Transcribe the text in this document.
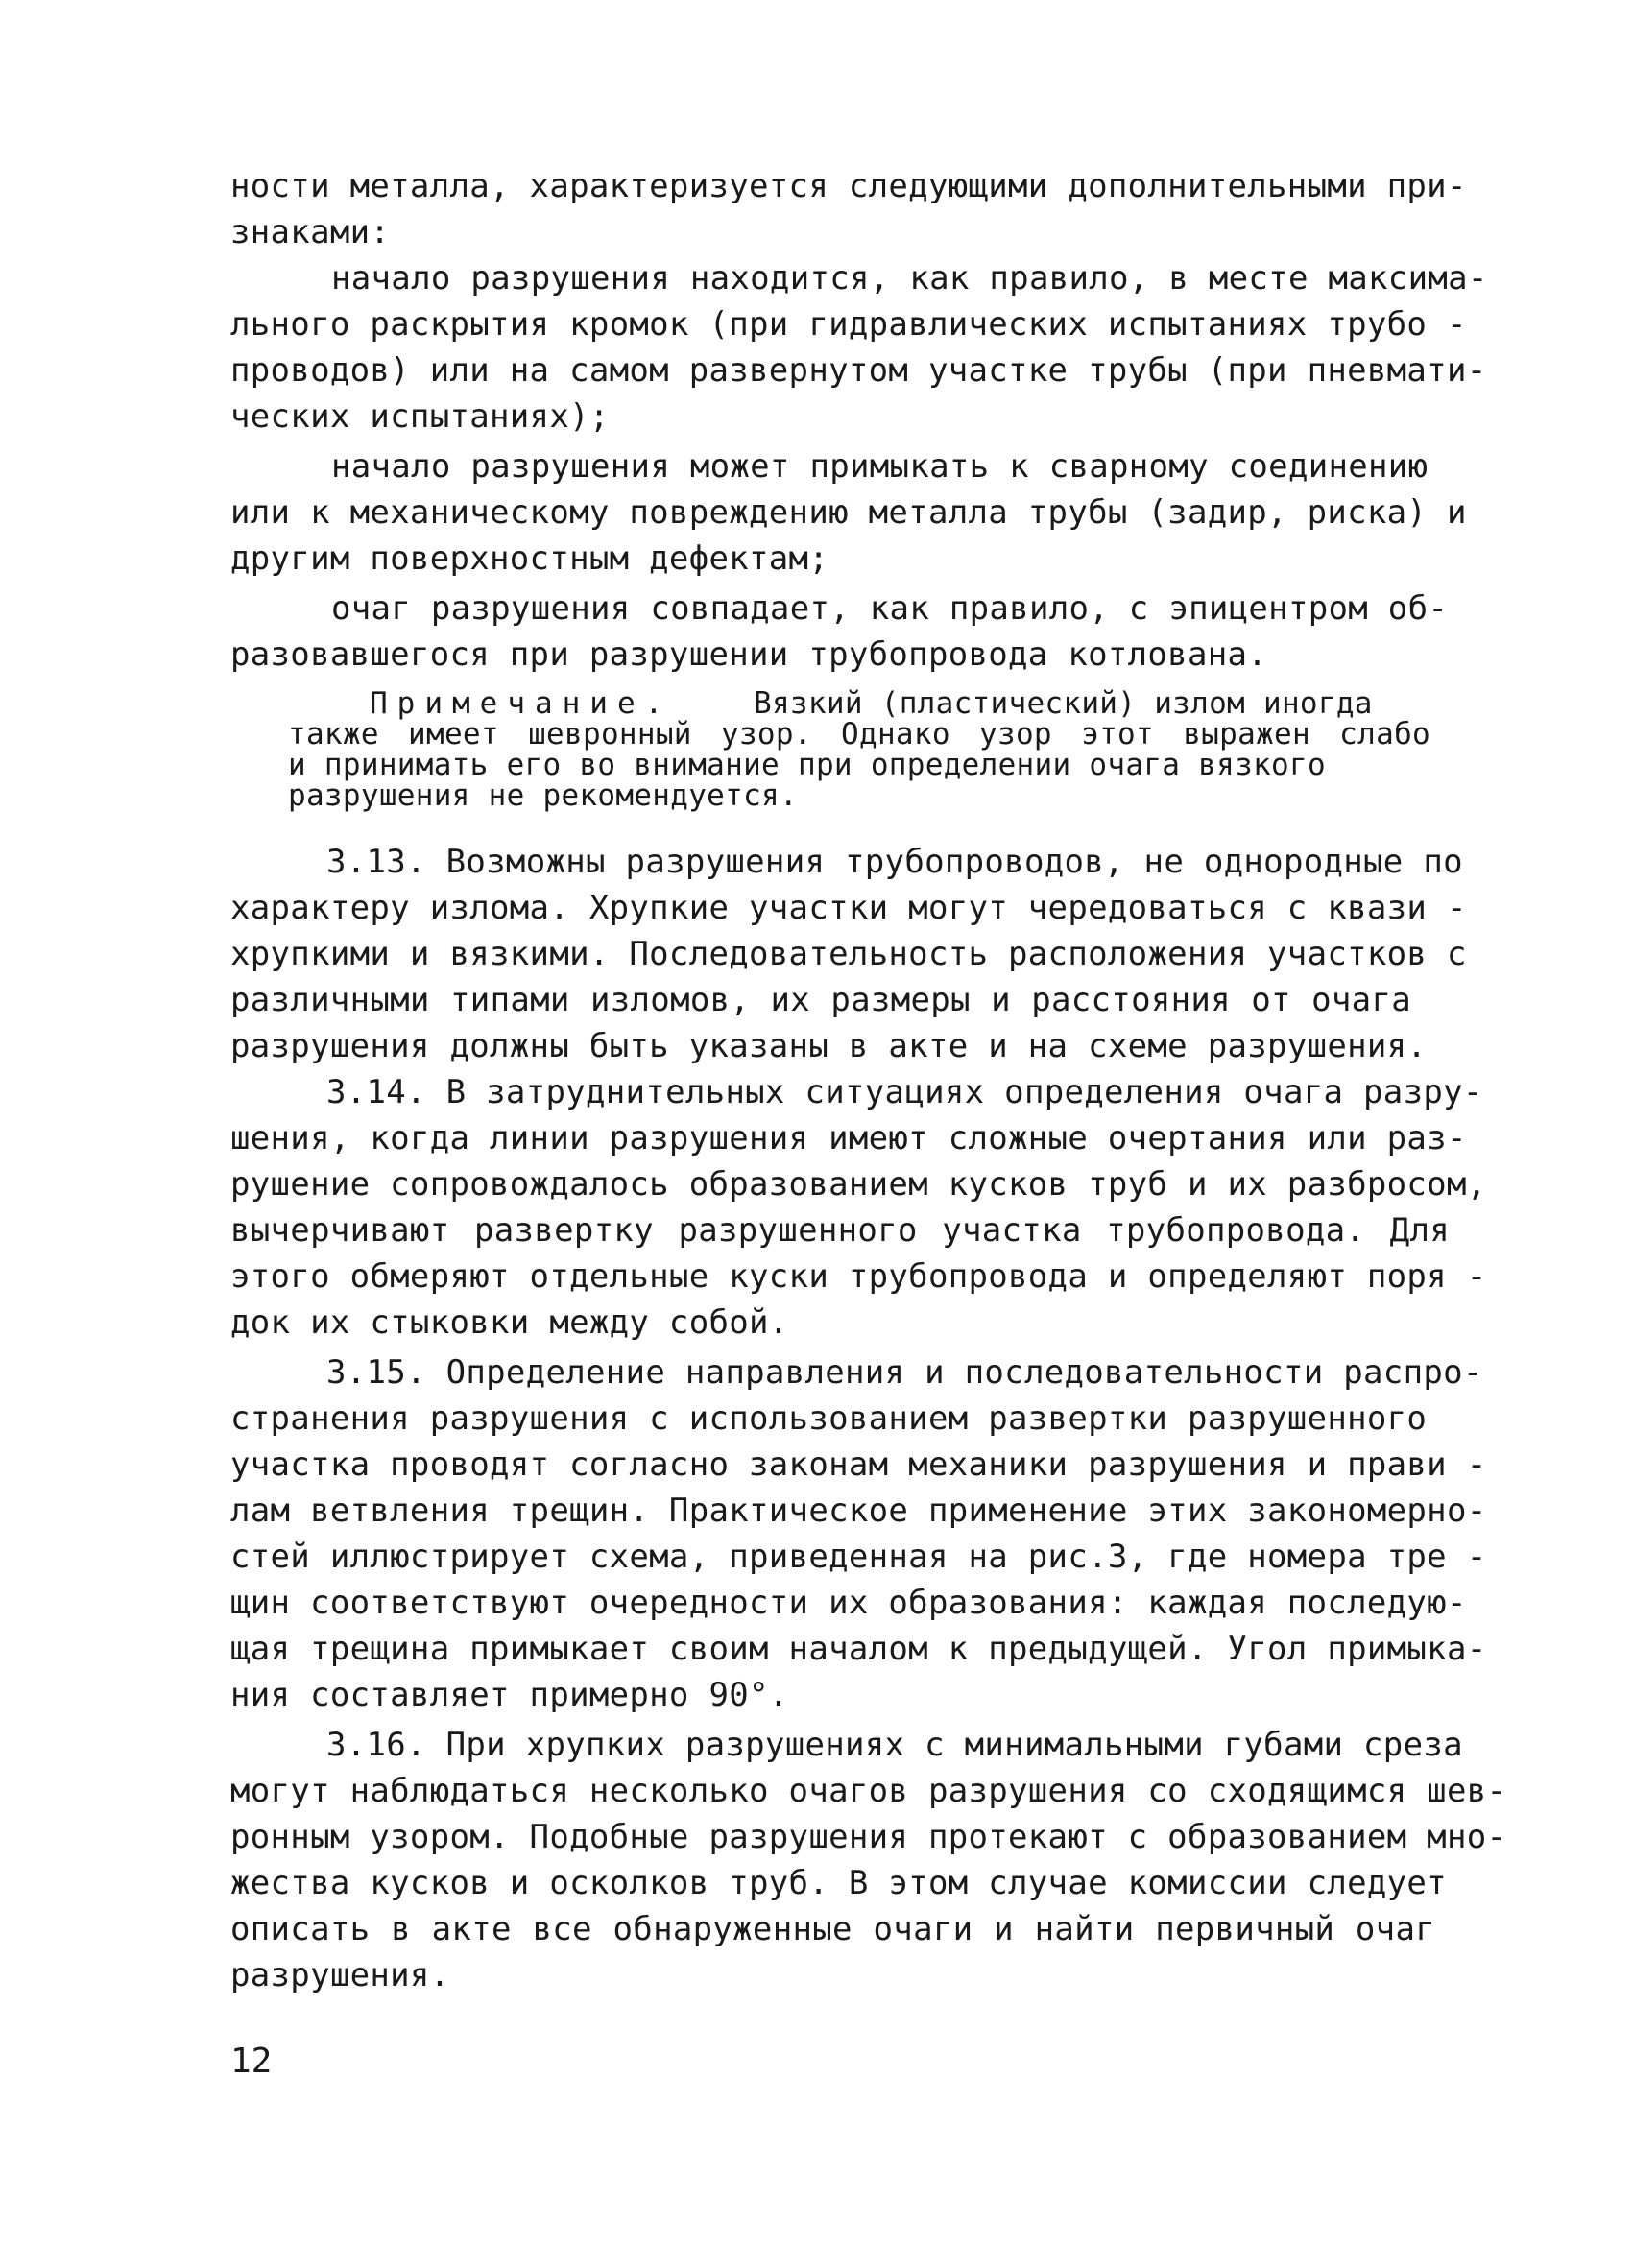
ности металла, характеризуется следующими дополнительными при-
знаками:
начало разрушения находится, как правило, в месте максима-
льного раскрытия кромок (при гидравлических испытаниях трубо -
проводов) или на самом развернутом участке трубы (при пневмати-
ческих испытаниях);
начало разрушения может примыкать к сварному соединению
или к механическому повреждению металла трубы (задир, риска) и
другим поверхностным дефектам;
очаг разрушения совпадает, как правило, с эпицентром об-
разовавшегося при разрушении трубопровода котлована.
Примечание.	Вязкий (пластический) излом иногда
также имеет шевронный узор. Однако узор этот выражен слабо
и принимать его во внимание при определении очага вязкого
разрушения не рекомендуется.
3.13. Возможны разрушения трубопроводов, не однородные по
характеру излома. Хрупкие участки могут чередоваться с квази -
хрупкими и вязкими. Последовательность расположения участков с
различными типами изломов, их размеры и расстояния от очага
разрушения должны быть указаны в акте и на схеме разрушения.
3.14. В затруднительных ситуациях определения очага разру-
шения, когда линии разрушения имеют сложные очертания или раз-
рушение сопровождалось образованием кусков труб и их разбросом,
вычерчивают развертку разрушенного участка трубопровода. Для
этого обмеряют отдельные куски трубопровода и определяют поря -
док их стыковки между собой.
3.15. Определение направления и последовательности распро-
странения разрушения с использованием развертки разрушенного
участка проводят согласно законам механики разрушения и прави -
лам ветвления трещин. Практическое применение этих закономерно-
стей иллюстрирует схема, приведенная на рис.3, где номера тре -
щин соответствуют очередности их образования: каждая последую-
щая трещина примыкает своим началом к предыдущей. Угол примыка-
ния составляет примерно 90°.
3.16. При хрупких разрушениях с минимальными губами среза
могут наблюдаться несколько очагов разрушения со сходящимся шев-
ронным узором. Подобные разрушения протекают с образованием мно-
жества кусков и осколков труб. В этом случае комиссии следует
описать в акте все обнаруженные очаги и найти первичный очаг
разрушения.
12
